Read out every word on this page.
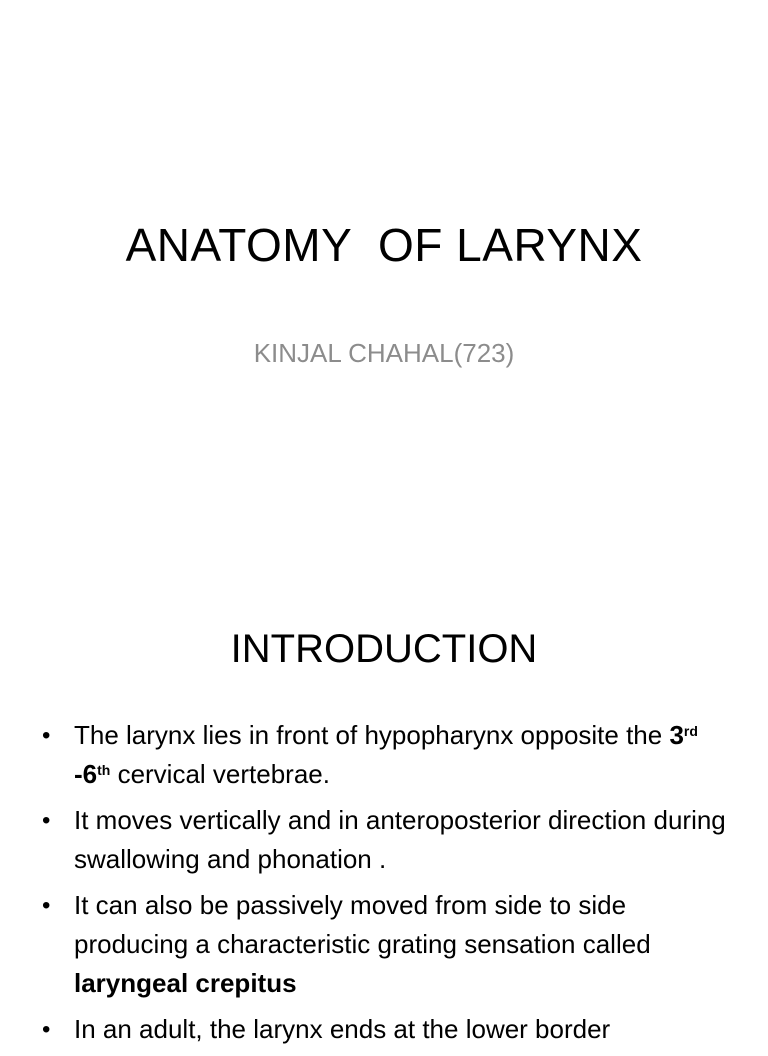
ANATOMY  OF LARYNX
KINJAL CHAHAL(723)
INTRODUCTION
• The larynx lies in front of hypopharynx opposite the 3rd -6th cervical vertebrae.
• It moves vertically and in anteroposterior direction during swallowing and phonation .
• It can also be passively moved from side to side producing a characteristic grating sensation called laryngeal crepitus
• In an adult, the larynx ends at the lower border
